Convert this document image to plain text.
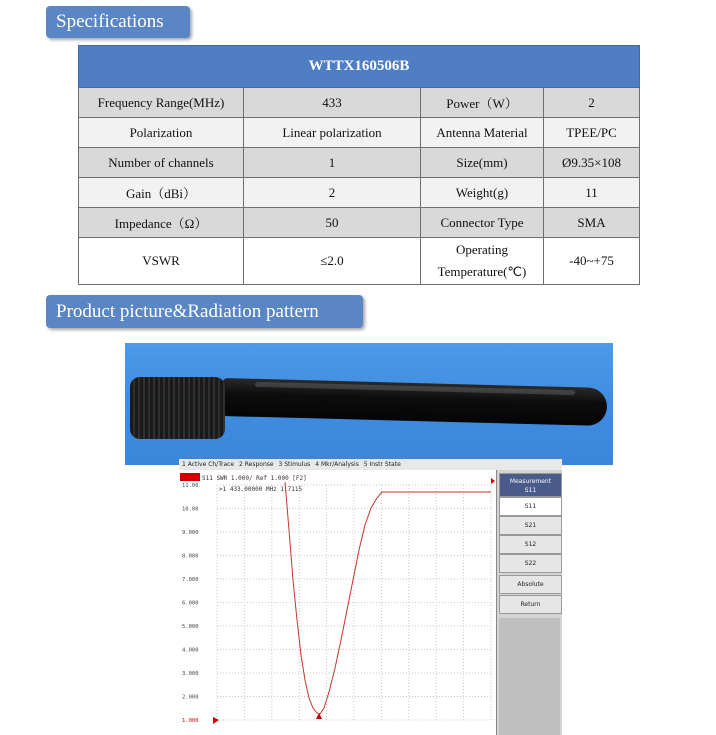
Specifications
WTTX160506B			
Frequency Range(MHz)	433	Power（W）	2
Polarization	Linear polarization	Antenna Material	TPEE/PC
Number of channels	1	Size(mm)	Ø9.35×108
Gain（dBi）	2	Weight(g)	11
Impedance（Ω）	50	Connector Type	SMA
VSWR	≤2.0	Operating Temperature(℃)	-40~+75
Product picture&Radiation pattern
1 Active Ch/Trace 2 Response 3 Stimulus 4 Mkr/Analysis 5 Instr State
S11 SWR 1.000/ Ref 1.000 [F2]
>1 433.00000 MHz 1.7115
11.00
10.00
9.000
8.000
7.000
6.000
5.000
4.000
3.000
2.000
1.000
Measurement
S11
S11
S21
S12
S22
Absolute
Return
